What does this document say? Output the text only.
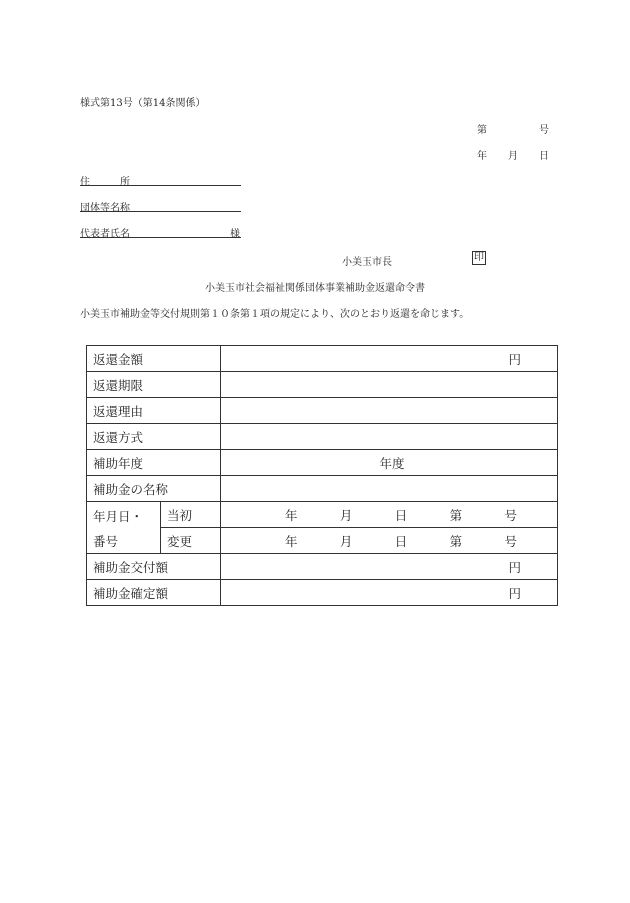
様式第13号（第14条関係）
第	号
年 月 日
住　　　所
団体等名称
代表者氏名	様
小美玉市長	印
小美玉市社会福祉関係団体事業補助金返還命令書
小美玉市補助金等交付規則第１０条第１項の規定により、次のとおり返還を命じます。
返還金額		円
返還期限		
返還理由		
返還方式		
補助年度		年度
補助金の名称		
年月日・	当初	年 月 日 第 号

番号	変更	年 月 日 第 号

補助金交付額		円
補助金確定額		円
